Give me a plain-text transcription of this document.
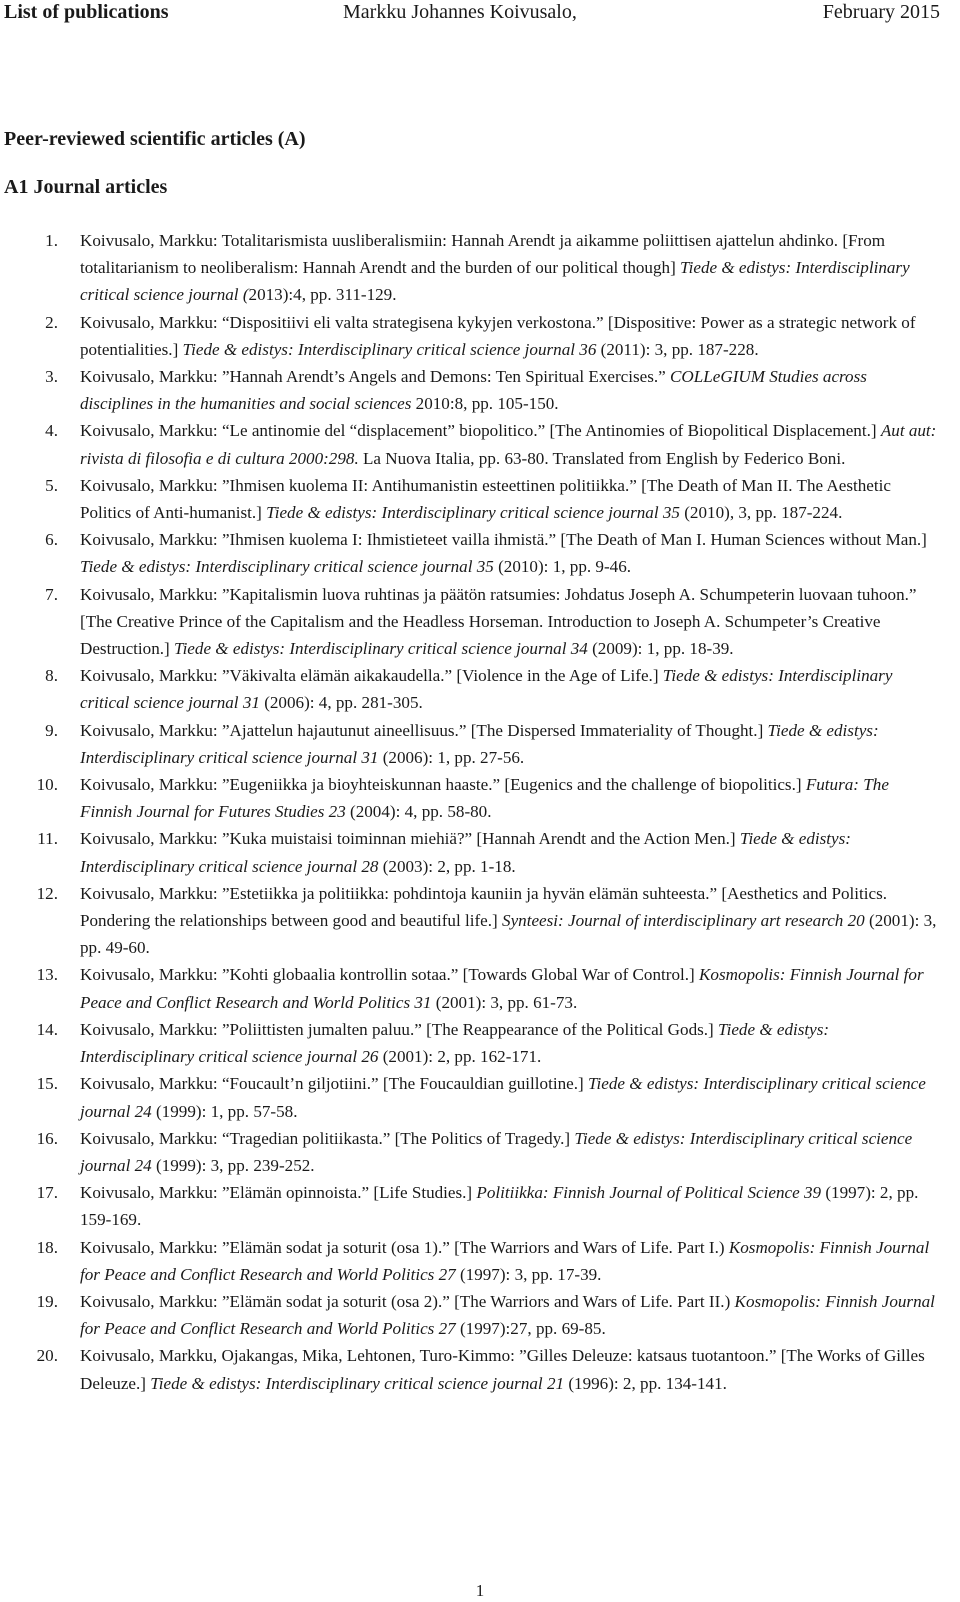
List of publications	Markku Johannes Koivusalo,	February 2015
Peer-reviewed scientific articles (A)
A1 Journal articles
1. Koivusalo, Markku: Totalitarismista uusliberalismiin: Hannah Arendt ja aikamme poliittisen ajattelun ahdinko. [From totalitarianism to neoliberalism: Hannah Arendt and the burden of our political though] Tiede & edistys: Interdisciplinary critical science journal (2013):4, pp. 311-129.
2. Koivusalo, Markku: “Dispositiivi eli valta strategisena kykyjen verkostona.” [Dispositive: Power as a strategic network of potentialities.] Tiede & edistys: Interdisciplinary critical science journal 36 (2011): 3, pp. 187-228.
3. Koivusalo, Markku: ”Hannah Arendt’s Angels and Demons: Ten Spiritual Exercises.” COLLeGIUM Studies across disciplines in the humanities and social sciences 2010:8, pp. 105-150.
4. Koivusalo, Markku: “Le antinomie del “displacement” biopolitico.” [The Antinomies of Biopolitical Displacement.] Aut aut: rivista di filosofia e di cultura 2000:298. La Nuova Italia, pp. 63-80. Translated from English by Federico Boni.
5. Koivusalo, Markku: ”Ihmisen kuolema II: Antihumanistin esteettinen politiikka.” [The Death of Man II. The Aesthetic Politics of Anti-humanist.] Tiede & edistys: Interdisciplinary critical science journal 35 (2010), 3, pp. 187-224.
6. Koivusalo, Markku: ”Ihmisen kuolema I: Ihmistieteet vailla ihmistä.” [The Death of Man I. Human Sciences without Man.] Tiede & edistys: Interdisciplinary critical science journal 35 (2010): 1, pp. 9-46.
7. Koivusalo, Markku: ”Kapitalismin luova ruhtinas ja päätön ratsumies: Johdatus Joseph A. Schumpeterin luovaan tuhoon.” [The Creative Prince of the Capitalism and the Headless Horseman. Introduction to Joseph A. Schumpeter’s Creative Destruction.] Tiede & edistys: Interdisciplinary critical science journal 34 (2009): 1, pp. 18-39.
8. Koivusalo, Markku: ”Väkivalta elämän aikakaudella.” [Violence in the Age of Life.] Tiede & edistys: Interdisciplinary critical science journal 31 (2006): 4, pp. 281-305.
9. Koivusalo, Markku: ”Ajattelun hajautunut aineellisuus.” [The Dispersed Immateriality of Thought.] Tiede & edistys: Interdisciplinary critical science journal 31 (2006): 1, pp. 27-56.
10. Koivusalo, Markku: ”Eugeniikka ja bioyhteiskunnan haaste.” [Eugenics and the challenge of biopolitics.] Futura: The Finnish Journal for Futures Studies 23 (2004): 4, pp. 58-80.
11. Koivusalo, Markku: ”Kuka muistaisi toiminnan miehiä?” [Hannah Arendt and the Action Men.] Tiede & edistys: Interdisciplinary critical science journal 28 (2003): 2, pp. 1-18.
12. Koivusalo, Markku: ”Estetiikka ja politiikka: pohdintoja kauniin ja hyvän elämän suhteesta.” [Aesthetics and Politics. Pondering the relationships between good and beautiful life.] Synteesi: Journal of interdisciplinary art research 20 (2001): 3, pp. 49-60.
13. Koivusalo, Markku: ”Kohti globaalia kontrollin sotaa.” [Towards Global War of Control.] Kosmopolis: Finnish Journal for Peace and Conflict Research and World Politics 31 (2001): 3, pp. 61-73.
14. Koivusalo, Markku: ”Poliittisten jumalten paluu.” [The Reappearance of the Political Gods.] Tiede & edistys: Interdisciplinary critical science journal 26 (2001): 2, pp. 162-171.
15. Koivusalo, Markku: “Foucault’n giljotiini.” [The Foucauldian guillotine.] Tiede & edistys: Interdisciplinary critical science journal 24 (1999): 1, pp. 57-58.
16. Koivusalo, Markku: “Tragedian politiikasta.” [The Politics of Tragedy.] Tiede & edistys: Interdisciplinary critical science journal 24 (1999): 3, pp. 239-252.
17. Koivusalo, Markku: ”Elämän opinnoista.” [Life Studies.] Politiikka: Finnish Journal of Political Science 39 (1997): 2, pp. 159-169.
18. Koivusalo, Markku: ”Elämän sodat ja soturit (osa 1).” [The Warriors and Wars of Life. Part I.) Kosmopolis: Finnish Journal for Peace and Conflict Research and World Politics 27 (1997): 3, pp. 17-39.
19. Koivusalo, Markku: ”Elämän sodat ja soturit (osa 2).” [The Warriors and Wars of Life. Part II.) Kosmopolis: Finnish Journal for Peace and Conflict Research and World Politics 27 (1997):27, pp. 69-85.
20. Koivusalo, Markku, Ojakangas, Mika, Lehtonen, Turo-Kimmo: ”Gilles Deleuze: katsaus tuotantoon.” [The Works of Gilles Deleuze.] Tiede & edistys: Interdisciplinary critical science journal 21 (1996): 2, pp. 134-141.
1
